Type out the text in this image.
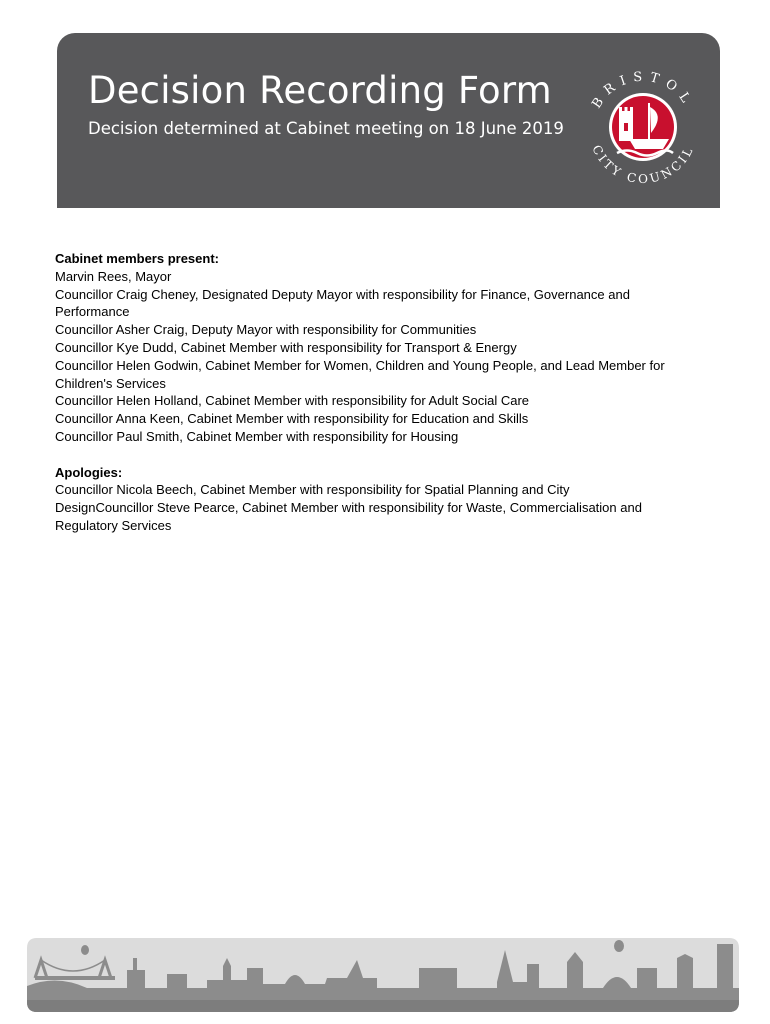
Decision Recording Form
Decision determined at Cabinet meeting on 18 June 2019
BRISTOL
CITY COUNCIL

Cabinet members present:

Marvin Rees, Mayor

Councillor Craig Cheney, Designated Deputy Mayor with responsibility for Finance, Governance and

Performance

Councillor Asher Craig, Deputy Mayor with responsibility for Communities

Councillor Kye Dudd, Cabinet Member with responsibility for Transport & Energy

Councillor Helen Godwin, Cabinet Member for Women, Children and Young People, and Lead Member for

Children's Services

Councillor Helen Holland, Cabinet Member with responsibility for Adult Social Care

Councillor Anna Keen, Cabinet Member with responsibility for Education and Skills

Councillor Paul Smith, Cabinet Member with responsibility for Housing

Apologies:

Councillor Nicola Beech, Cabinet Member with responsibility for Spatial Planning and City

DesignCouncillor Steve Pearce, Cabinet Member with responsibility for Waste, Commercialisation and

Regulatory Services
